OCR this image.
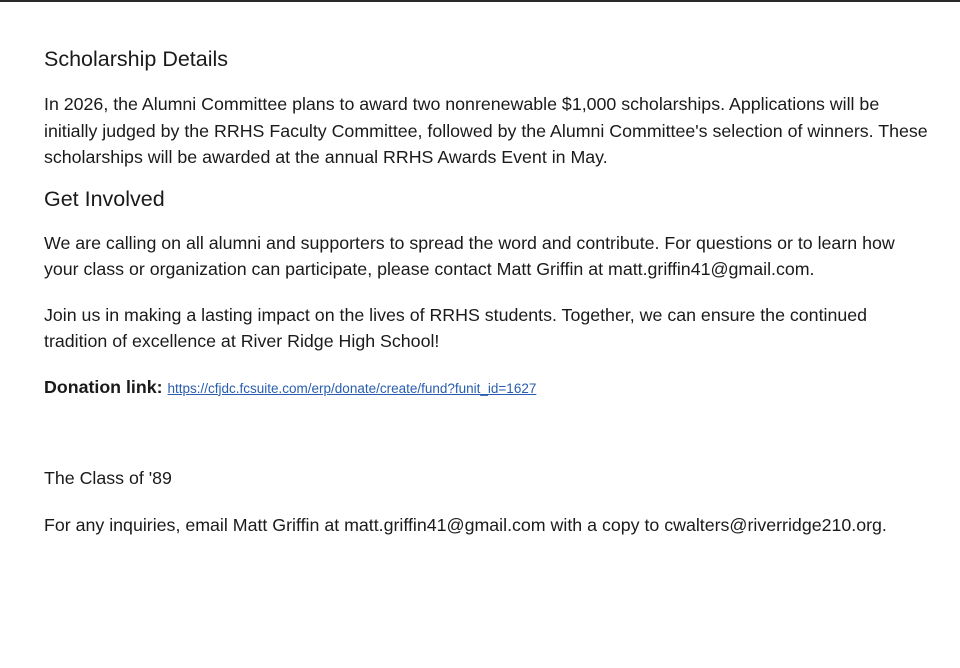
Scholarship Details

In 2026, the Alumni Committee plans to award two nonrenewable $1,000 scholarships. Applications will be initially judged by the RRHS Faculty Committee, followed by the Alumni Committee's selection of winners. These scholarships will be awarded at the annual RRHS Awards Event in May.

Get Involved

We are calling on all alumni and supporters to spread the word and contribute. For questions or to learn how your class or organization can participate, please contact Matt Griffin at matt.griffin41@gmail.com.

Join us in making a lasting impact on the lives of RRHS students. Together, we can ensure the continued tradition of excellence at River Ridge High School!

Donation link: https://cfjdc.fcsuite.com/erp/donate/create/fund?funit_id=1627

The Class of '89

For any inquiries, email Matt Griffin at matt.griffin41@gmail.com with a copy to cwalters@riverridge210.org.
